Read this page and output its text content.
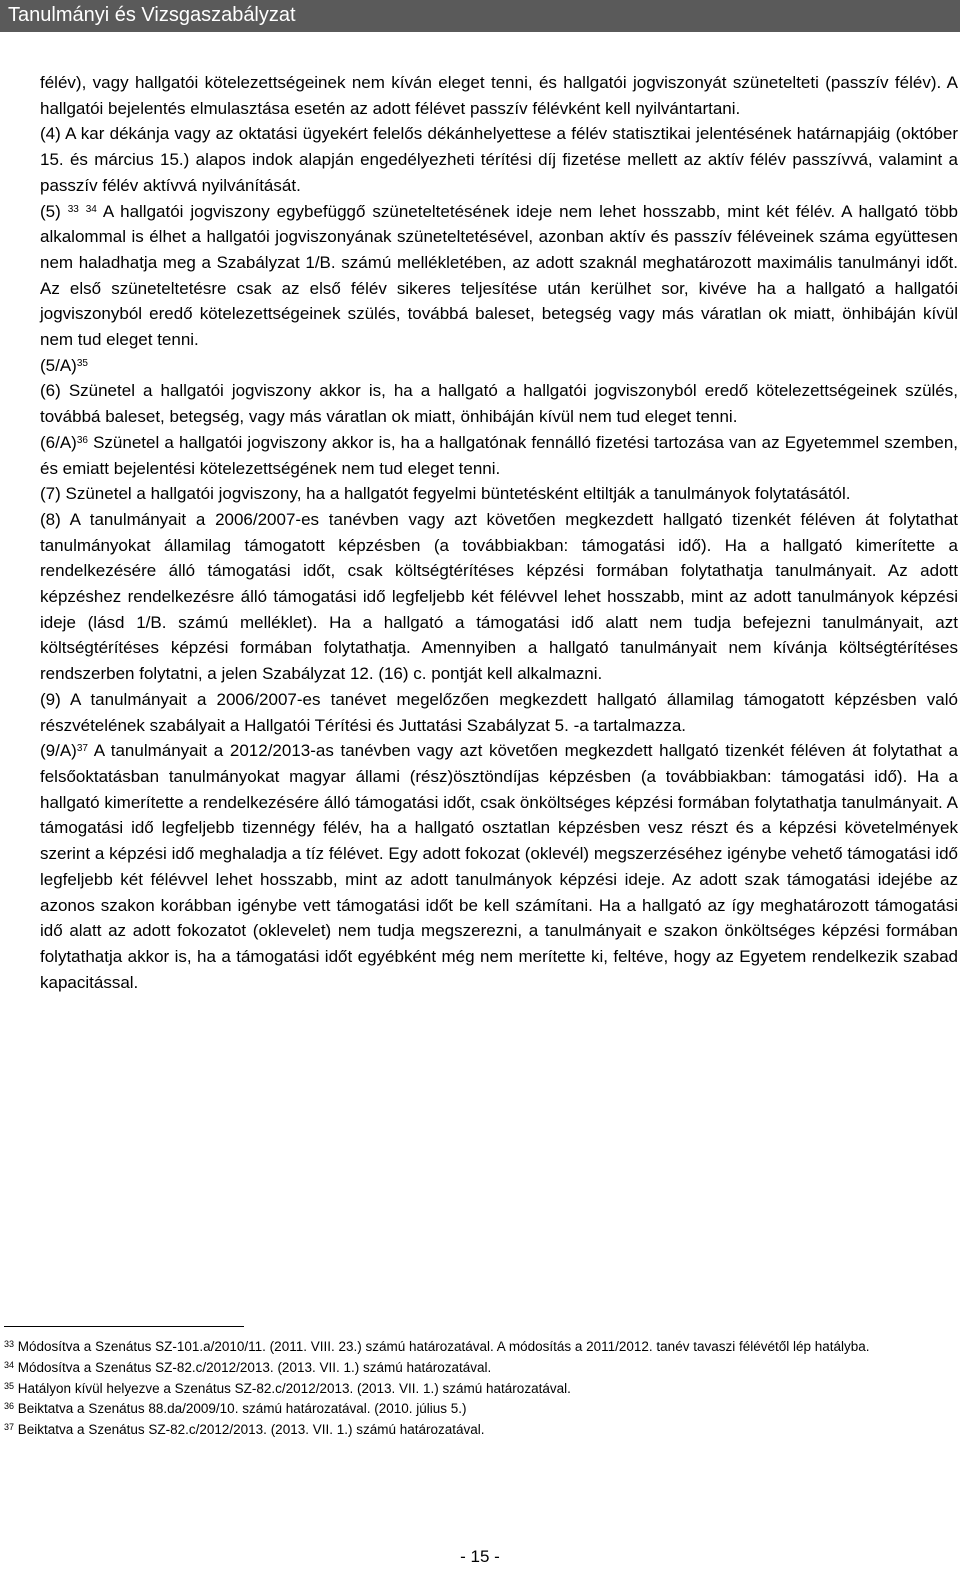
Tanulmányi és Vizsgaszabályzat

félév), vagy hallgatói kötelezettségeinek nem kíván eleget tenni, és hallgatói jogviszonyát szünetelteti (passzív félév). A hallgatói bejelentés elmulasztása esetén az adott félévet passzív félévként kell nyilvántartani.

(4) A kar dékánja vagy az oktatási ügyekért felelős dékánhelyettese a félév statisztikai jelentésének határnapjáig (október 15. és március 15.) alapos indok alapján engedélyezheti térítési díj fizetése mellett az aktív félév passzívvá, valamint a passzív félév aktívvá nyilvánítását.

(5) $^{33}$ $^{34}$ A hallgatói jogviszony egybefüggő szüneteltetésének ideje nem lehet hosszabb, mint két félév. A hallgató több alkalommal is élhet a hallgatói jogviszonyának szüneteltetésével, azonban aktív és passzív féléveinek száma együttesen nem haladhatja meg a Szabályzat 1/B. számú mellékletében, az adott szaknál meghatározott maximális tanulmányi időt. Az első szüneteltetésre csak az első félév sikeres teljesítése után kerülhet sor, kivéve ha a hallgató a hallgatói jogviszonyból eredő kötelezettségeinek szülés, továbbá baleset, betegség vagy más váratlan ok miatt, önhibáján kívül nem tud eleget tenni.

$(5/A)^{35}$

(6) Szünetel a hallgatói jogviszony akkor is, ha a hallgató a hallgatói jogviszonyból eredő kötelezettségeinek szülés, továbbá baleset, betegség, vagy más váratlan ok miatt, önhibáján kívül nem tud eleget tenni.

$(6/A)^{36}$ Szünetel a hallgatói jogviszony akkor is, ha a hallgatónak fennálló fizetési tartozása van az Egyetemmel szemben, és emiatt bejelentési kötelezettségének nem tud eleget tenni.

(7) Szünetel a hallgatói jogviszony, ha a hallgatót fegyelmi büntetésként eltiltják a tanulmányok folytatásától.

(8) A tanulmányait a 2006/2007-es tanévben vagy azt követően megkezdett hallgató tizenkét féléven át folytathat tanulmányokat államilag támogatott képzésben (a továbbiakban: támogatási idő). Ha a hallgató kimerítette a rendelkezésére álló támogatási időt, csak költségtérítéses képzési formában folytathatja tanulmányait. Az adott képzéshez rendelkezésre álló támogatási idő legfeljebb két félévvel lehet hosszabb, mint az adott tanulmányok képzési ideje (lásd 1/B. számú melléklet). Ha a hallgató a támogatási idő alatt nem tudja befejezni tanulmányait, azt költségtérítéses képzési formában folytathatja. Amennyiben a hallgató tanulmányait nem kívánja költségtérítéses rendszerben folytatni, a jelen Szabályzat 12. (16) c. pontját kell alkalmazni.

(9) A tanulmányait a 2006/2007-es tanévet megelőzően megkezdett hallgató államilag támogatott képzésben való részvételének szabályait a Hallgatói Térítési és Juttatási Szabályzat 5. -a tartalmazza.

$(9/A)^{37}$ A tanulmányait a 2012/2013-as tanévben vagy azt követően megkezdett hallgató tizenkét féléven át folytathat a felsőoktatásban tanulmányokat magyar állami (rész)ösztöndíjas képzésben (a továbbiakban: támogatási idő). Ha a hallgató kimerítette a rendelkezésére álló támogatási időt, csak önköltséges képzési formában folytathatja tanulmányait. A támogatási idő legfeljebb tizennégy félév, ha a hallgató osztatlan képzésben vesz részt és a képzési követelmények szerint a képzési idő meghaladja a tíz félévet. Egy adott fokozat (oklevél) megszerzéséhez igénybe vehető támogatási idő legfeljebb két félévvel lehet hosszabb, mint az adott tanulmányok képzési ideje. Az adott szak támogatási idejébe az azonos szakon korábban igénybe vett támogatási időt be kell számítani. Ha a hallgató az így meghatározott támogatási idő alatt az adott fokozatot (oklevelet) nem tudja megszerezni, a tanulmányait e szakon önköltséges képzési formában folytathatja akkor is, ha a támogatási időt egyébként még nem merítette ki, feltéve, hogy az Egyetem rendelkezik szabad kapacitással.

$^{33}$ Módosítva a Szenátus SZ-101.a/2010/11. (2011. VIII. 23.) számú határozatával. A módosítás a 2011/2012. tanév tavaszi félévétől lép hatályba.

$^{34}$ Módosítva a Szenátus SZ-82.c/2012/2013. (2013. VII. 1.) számú határozatával.

$^{35}$ Hatályon kívül helyezve a Szenátus SZ-82.c/2012/2013. (2013. VII. 1.) számú határozatával.

$^{36}$ Beiktatva a Szenátus 88.da/2009/10. számú határozatával. (2010. július 5.)

$^{37}$ Beiktatva a Szenátus SZ-82.c/2012/2013. (2013. VII. 1.) számú határozatával.

- 15 -
